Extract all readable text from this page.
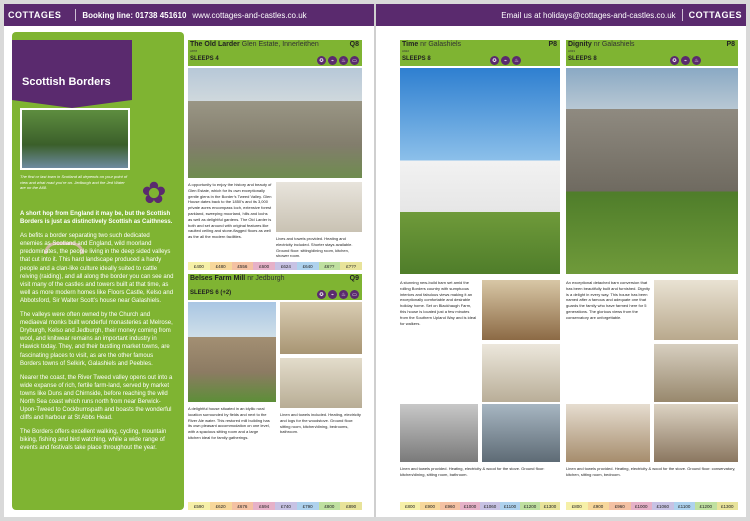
COTTAGES	Booking line: 01738 451610 www.cottages-and-castles.co.uk	Email us at holidays@cottages-and-castles.co.uk COTTAGES
Scottish Borders
The first or last town in Scotland all depends on your point of view and what road you’re on. Jedburgh and the Jed Water are on the A68.	✿

A short hop from England it may be, but the Scottish Borders is just as distinctively Scottish as Caithness.

As befits a border separating two such dedicated enemies as Scotland and England, wild moorland predominates, the people living in the deep sided valleys that cut into it. This hard landscape produced a hardy people and a clan-like culture ideally suited to cattle reiving (raiding), and all along the border you can see and visit many of the castles and towers built at that time, as well as more modern homes like Floors Castle, Kelso and Abbotsford, Sir Walter Scott’s house near Galashiels.

The valleys were often owned by the Church and mediaeval monks built wonderful monasteries at Melrose, Dryburgh, Kelso and Jedburgh, their money coming from wool, and knitwear remains an important industry in Hawick today. They, and their bustling market towns, are fascinating places to visit, as are the other famous Borders towns of Selkirk, Galashiels and Peebles.

Nearer the coast, the River Tweed valley opens out into a wide expanse of rich, fertile farm-land, served by market towns like Duns and Chirnside, before reaching the wild North Sea coast which runs north from near Berwick-Upon-Tweed to Cockburnspath and boasts the wonderful cliffs and harbour at St Abbs Head.

The Borders offers excellent walking, cycling, mountain biking, fishing and bird watching, while a wide range of events and festivals take place throughout the year.

The Old Larder Glen Estate, Innerleithen	Q8
A878
SLEEPS 4	✪	⌁	♨	▭
A opportunity to enjoy the history and beauty of Glen Estate, which for its own exceptionally gentle glens in the Border’s Tweed Valley. Glen House dates back to the 1850’s and its 3,000 private acres encompass loch, extensive forest parkland, sweeping moorland, hills and lochs as well as delightful gardens. The Old Larder is both and set around with original features like vaulted ceiling and stone-flagged floors as well as the all the modern facilities.	Lives and towels provided. Heating and electricity included. Shorter stays available. Ground floor: sitting/dining room, kitchen, shower room.
£400	£480	£556	£600	£624	£640	£6??	£???
Belses Farm Mill nr Jedburgh	Q9
SLEEPS 6 (+2)	✪	⌁	♨	▭
A delightful house situated in an idyllic rural location surrounded by fields and next to the River Ale water. This restored mill building has its own pleasant accommodation on one level, with a spacious sitting room and a large kitchen ideal for family gatherings.
Linen and towels included. Heating, electricity and logs for the woodstove. Ground floor: sitting room, kitchen/dining, bedrooms, bathroom.
£590	£620	£676	£694	£740	£790	£800	£890
Time nr Galashiels	P8
A922
SLEEPS 8
A stunning new-build barn set amid the rolling Borders country with sumptuous interiors and fabulous views making it an exceptionally comfortable and desirable holiday home. Set on Blackhaugh Farm, this house is located just a few minutes from the Southern Upland Way and is ideal for walkers.
Linen and towels provided. Heating, electricity & wood for the stove. Ground floor: kitchen/dining, sitting room, bathroom.
✪	⌁	♨
£800	£900	£960	£1000	£1060	£1100	£1200	£1300
Dignity nr Galashiels	P8
A933
SLEEPS 8
An exceptional detached barn conversion that has been beautifully built and furnished. Dignity is a delight in every way. This house has been named after a famous and adequate one that guards the family who have farmed here for 5 generations. The glorious views from the conservatory are unforgettable.
Linen and towels provided. Heating, electricity & wood for the stove. Ground floor: conservatory, kitchen, sitting room, bedroom.
✪	⌁	♨
£800	£900	£960	£1000	£1060	£1100	£1200	£1300
